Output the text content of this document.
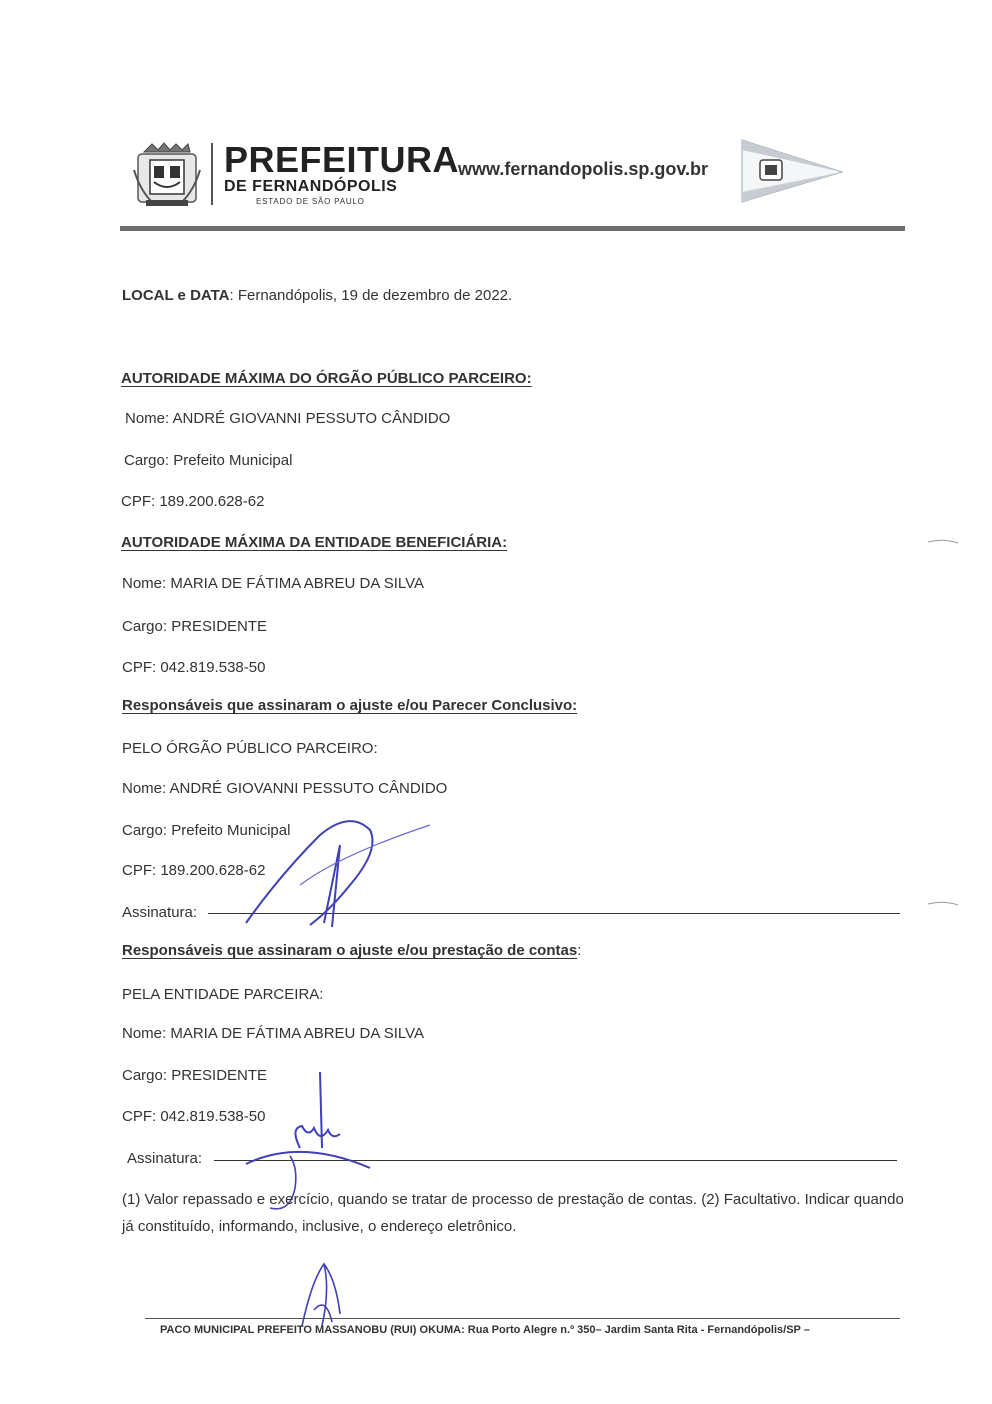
PREFEITURA
DE FERNANDÓPOLIS
ESTADO DE SÃO PAULO
www.fernandopolis.sp.gov.br
LOCAL e DATA: Fernandópolis, 19 de dezembro de 2022.
AUTORIDADE MÁXIMA DO ÓRGÃO PÚBLICO PARCEIRO:
Nome: ANDRÉ GIOVANNI PESSUTO CÂNDIDO
Cargo: Prefeito Municipal
CPF: 189.200.628-62
AUTORIDADE MÁXIMA DA ENTIDADE BENEFICIÁRIA:
Nome: MARIA DE FÁTIMA ABREU DA SILVA
Cargo: PRESIDENTE
CPF: 042.819.538-50
Responsáveis que assinaram o ajuste e/ou Parecer Conclusivo:
PELO ÓRGÃO PÚBLICO PARCEIRO:
Nome: ANDRÉ GIOVANNI PESSUTO CÂNDIDO
Cargo: Prefeito Municipal
CPF: 189.200.628-62
Assinatura:
Responsáveis que assinaram o ajuste e/ou prestação de contas:
PELA ENTIDADE PARCEIRA:
Nome: MARIA DE FÁTIMA ABREU DA SILVA
Cargo: PRESIDENTE
CPF: 042.819.538-50
Assinatura:
(1) Valor repassado e exercício, quando se tratar de processo de prestação de contas. (2) Facultativo. Indicar quando já constituído, informando, inclusive, o endereço eletrônico.
PACO MUNICIPAL PREFEITO MASSANOBU (RUI) OKUMA: Rua Porto Alegre n.º 350– Jardim Santa Rita - Fernandópolis/SP –
